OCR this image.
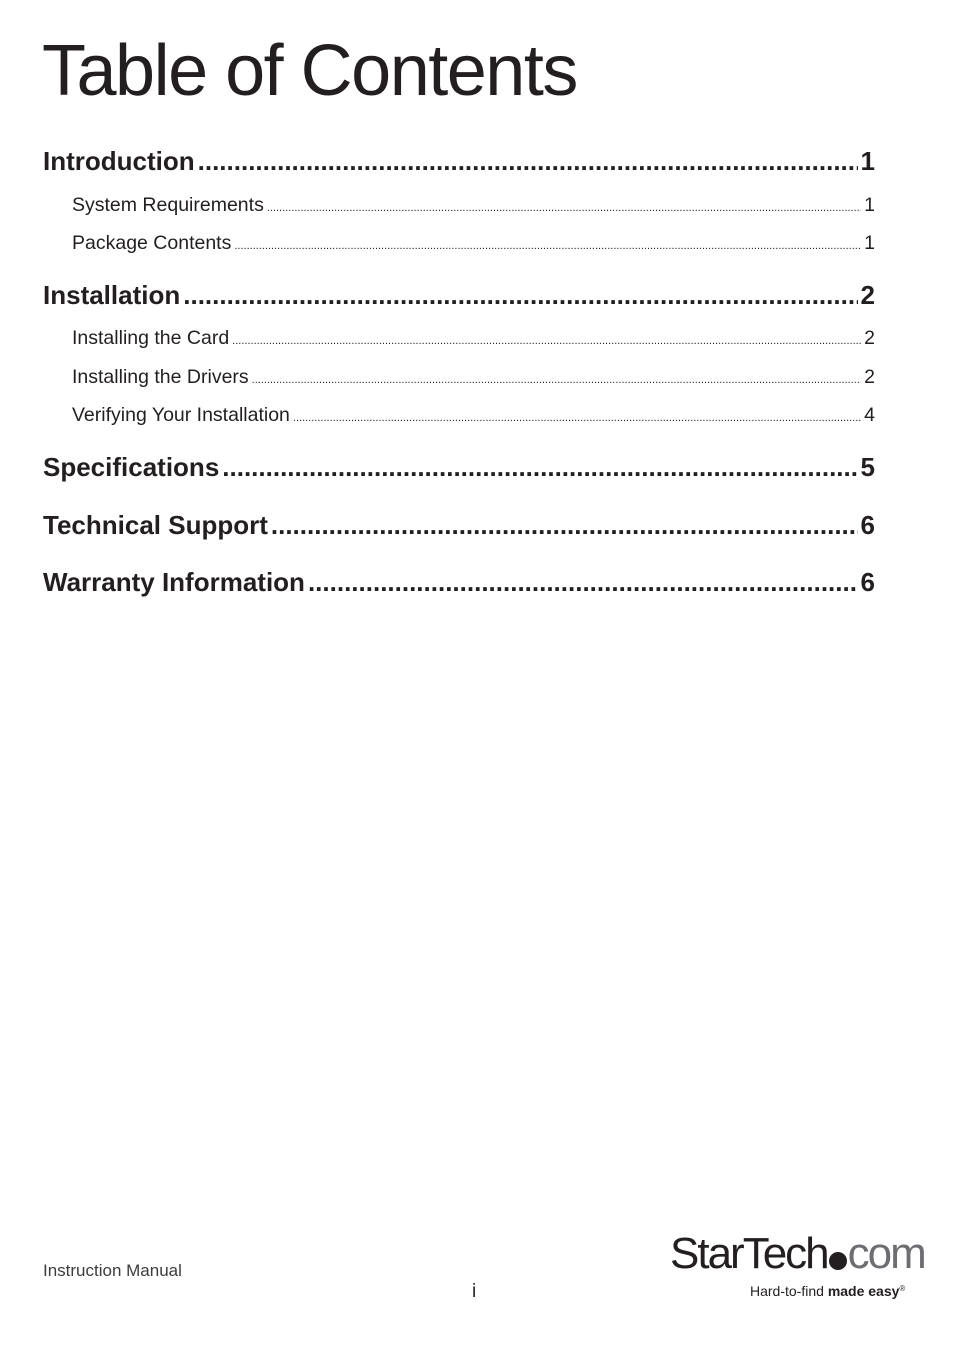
Table of Contents
Introduction .....	1
System Requirements .....	1
Package Contents .....	1
Installation .....	2
Installing the Card .....	2
Installing the Drivers .....	2
Verifying Your Installation .....	4
Specifications .....	5
Technical Support .....	6
Warranty Information .....	6
Instruction Manual
i
StarTech com
Hard-to-find made easy®
